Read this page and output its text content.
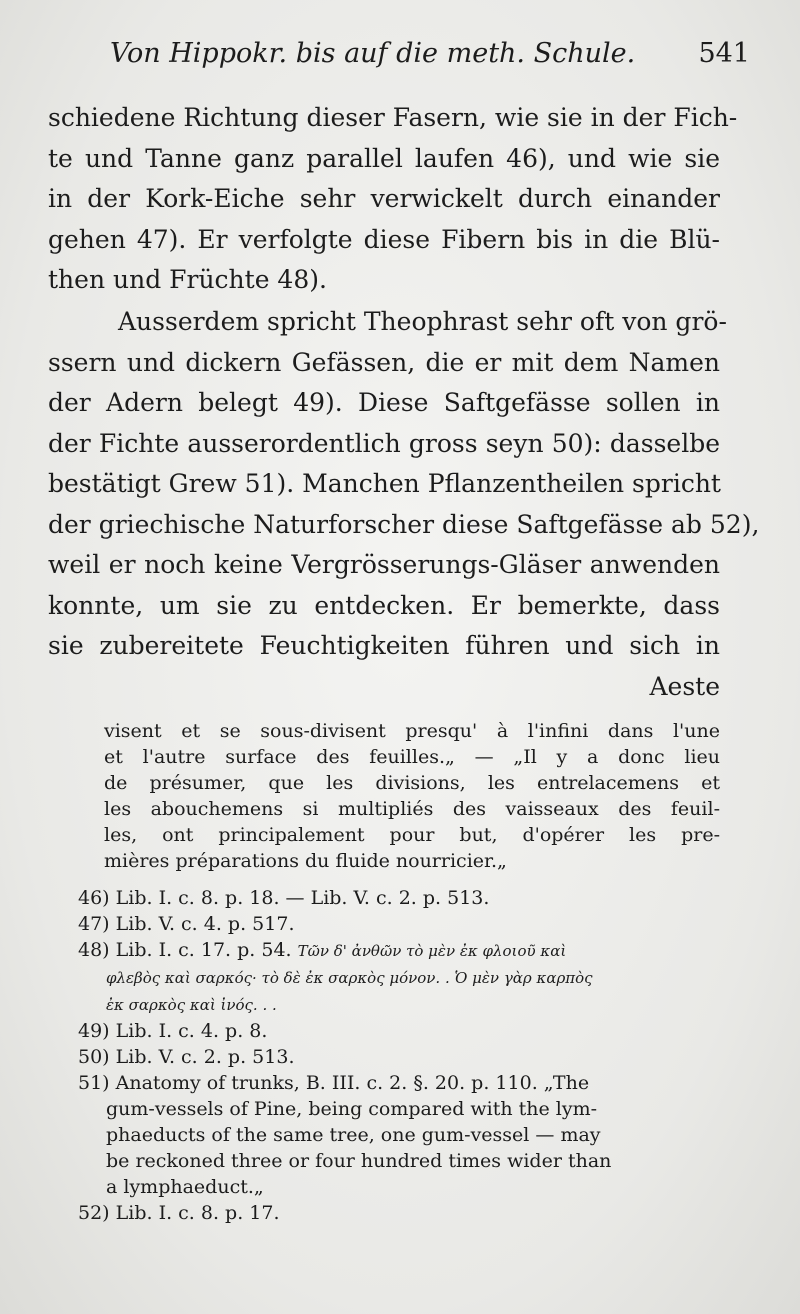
Von Hippokr. bis auf die meth. Schule. 541
schiedene Richtung dieser Fasern, wie sie in der Fich-
te und Tanne ganz parallel laufen 46), und wie sie
in der Kork-Eiche sehr verwickelt durch einander
gehen 47). Er verfolgte diese Fibern bis in die Blü-
then und Früchte 48).
Ausserdem spricht Theophrast sehr oft von grö-
ssern und dickern Gefässen, die er mit dem Namen
der Adern belegt 49). Diese Saftgefässe sollen in
der Fichte ausserordentlich gross seyn 50): dasselbe
bestätigt Grew 51). Manchen Pflanzentheilen spricht
der griechische Naturforscher diese Saftgefässe ab 52),
weil er noch keine Vergrösserungs-Gläser anwenden
konnte, um sie zu entdecken. Er bemerkte, dass
sie zubereitete Feuchtigkeiten führen und sich in
Aeste
visent et se sous-divisent presqu' à l'infini dans l'une
et l'autre surface des feuilles.„ — „Il y a donc lieu
de présumer, que les divisions, les entrelacemens et
les abouchemens si multipliés des vaisseaux des feuil-
les, ont principalement pour but, d'opérer les pre-
mières préparations du fluide nourricier.„
46) Lib. I. c. 8. p. 18. — Lib. V. c. 2. p. 513.
47) Lib. V. c. 4. p. 517.
48) Lib. I. c. 17. p. 54. Τῶν δ' ἀνθῶν τὸ μὲν ἐκ φλοιοῦ καὶ
φλεβὸς καὶ σαρκός· τὸ δὲ ἐκ σαρκὸς μόνον. . Ὁ μὲν γὰρ καρπὸς
ἐκ σαρκὸς καὶ ἰνός. . .
49) Lib. I. c. 4. p. 8.
50) Lib. V. c. 2. p. 513.
51) Anatomy of trunks, B. III. c. 2. §. 20. p. 110. „The
gum-vessels of Pine, being compared with the lym-
phaeducts of the same tree, one gum-vessel — may
be reckoned three or four hundred times wider than
a lymphaeduct.„
52) Lib. I. c. 8. p. 17.
